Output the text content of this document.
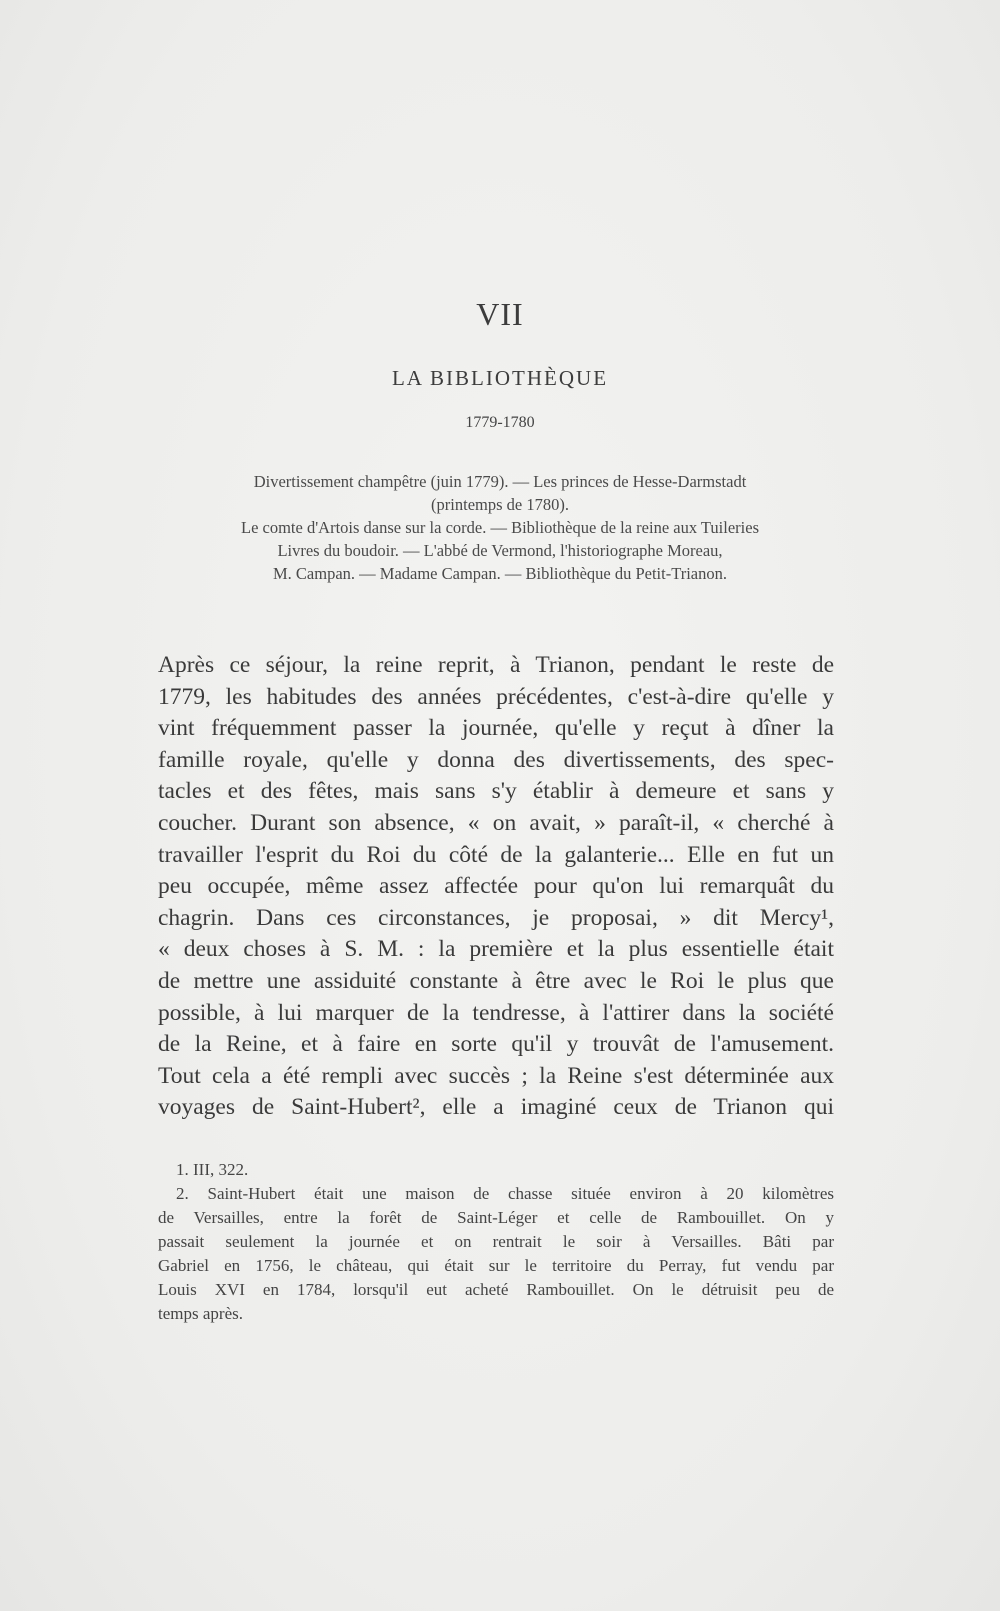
VII
LA BIBLIOTHÈQUE
1779-1780
Divertissement champêtre (juin 1779). — Les princes de Hesse-Darmstadt
(printemps de 1780).
Le comte d'Artois danse sur la corde. — Bibliothèque de la reine aux Tuileries
Livres du boudoir. — L'abbé de Vermond, l'historiographe Moreau,
M. Campan. — Madame Campan. — Bibliothèque du Petit-Trianon.
Après ce séjour, la reine reprit, à Trianon, pendant le reste de
1779, les habitudes des années précédentes, c'est-à-dire qu'elle y
vint fréquemment passer la journée, qu'elle y reçut à dîner la
famille royale, qu'elle y donna des divertissements, des spec-
tacles et des fêtes, mais sans s'y établir à demeure et sans y
coucher. Durant son absence, « on avait, » paraît-il, « cherché à
travailler l'esprit du Roi du côté de la galanterie... Elle en fut un
peu occupée, même assez affectée pour qu'on lui remarquât du
chagrin. Dans ces circonstances, je proposai, » dit Mercy¹,
« deux choses à S. M. : la première et la plus essentielle était
de mettre une assiduité constante à être avec le Roi le plus que
possible, à lui marquer de la tendresse, à l'attirer dans la société
de la Reine, et à faire en sorte qu'il y trouvât de l'amusement.
Tout cela a été rempli avec succès ; la Reine s'est déterminée aux
voyages de Saint-Hubert², elle a imaginé ceux de Trianon qui
1. III, 322.
2. Saint-Hubert était une maison de chasse située environ à 20 kilomètres
de Versailles, entre la forêt de Saint-Léger et celle de Rambouillet. On y
passait seulement la journée et on rentrait le soir à Versailles. Bâti par
Gabriel en 1756, le château, qui était sur le territoire du Perray, fut vendu par
Louis XVI en 1784, lorsqu'il eut acheté Rambouillet. On le détruisit peu de
temps après.
